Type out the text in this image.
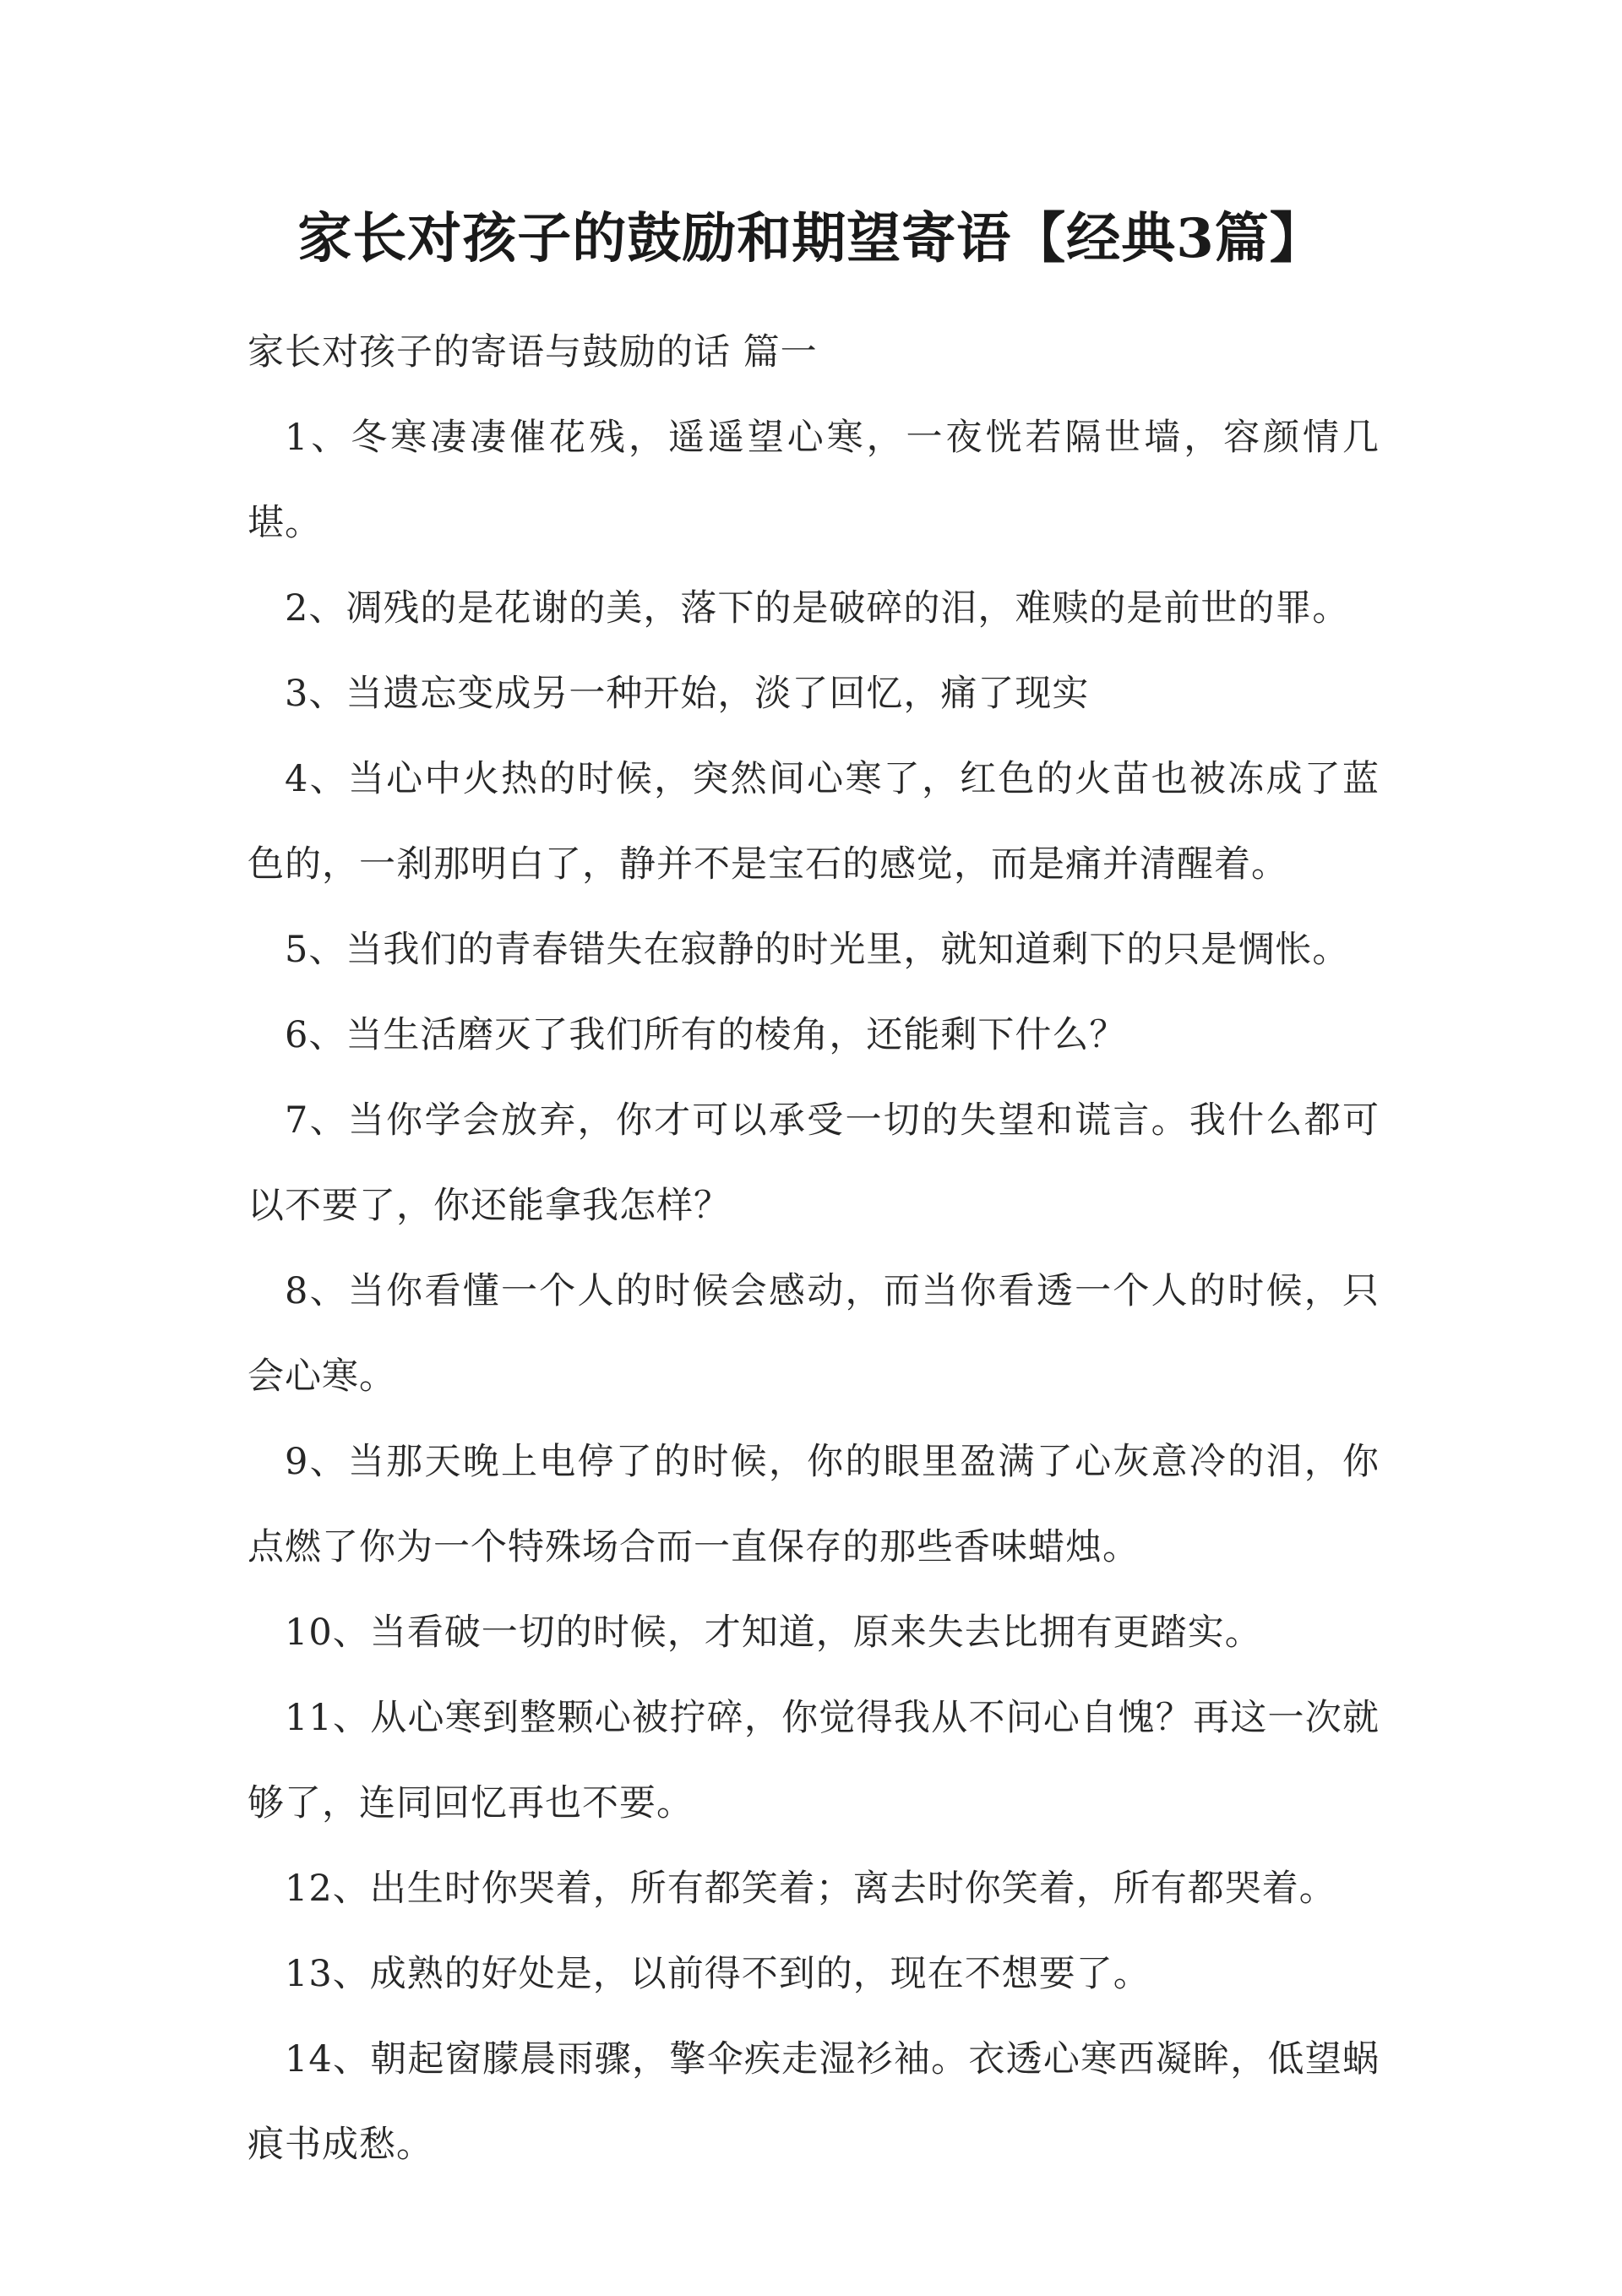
家长对孩子的鼓励和期望寄语【经典3篇】

家长对孩子的寄语与鼓励的话 篇一

1、冬寒凄凄催花残，遥遥望心寒，一夜恍若隔世墙，容颜情几堪。

2、凋残的是花谢的美，落下的是破碎的泪，难赎的是前世的罪。

3、当遗忘变成另一种开始，淡了回忆，痛了现实

4、当心中火热的时候，突然间心寒了，红色的火苗也被冻成了蓝色的，一刹那明白了，静并不是宝石的感觉，而是痛并清醒着。

5、当我们的青春错失在寂静的时光里，就知道剩下的只是惆怅。

6、当生活磨灭了我们所有的棱角，还能剩下什么？

7、当你学会放弃，你才可以承受一切的失望和谎言。我什么都可以不要了，你还能拿我怎样？

8、当你看懂一个人的时候会感动，而当你看透一个人的时候，只会心寒。

9、当那天晚上电停了的时候，你的眼里盈满了心灰意冷的泪，你点燃了你为一个特殊场合而一直保存的那些香味蜡烛。

10、当看破一切的时候，才知道，原来失去比拥有更踏实。

11、从心寒到整颗心被拧碎，你觉得我从不问心自愧？再这一次就够了，连同回忆再也不要。

12、出生时你哭着，所有都笑着；离去时你笑着，所有都哭着。

13、成熟的好处是，以前得不到的，现在不想要了。

14、朝起窗朦晨雨骤，擎伞疾走湿衫袖。衣透心寒西凝眸，低望蜗痕书成愁。
